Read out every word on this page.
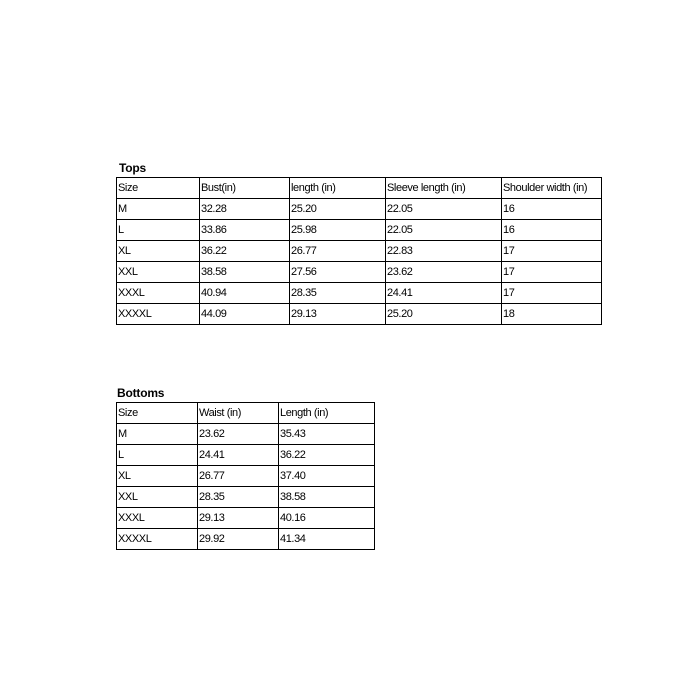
Tops
Size	Bust(in)	length (in)	Sleeve length (in)	Shoulder width (in)
M	32.28	25.20	22.05	16
L	33.86	25.98	22.05	16
XL	36.22	26.77	22.83	17
XXL	38.58	27.56	23.62	17
XXXL	40.94	28.35	24.41	17
XXXXL	44.09	29.13	25.20	18
Bottoms
Size	Waist (in)	Length (in)
M	23.62	35.43
L	24.41	36.22
XL	26.77	37.40
XXL	28.35	38.58
XXXL	29.13	40.16
XXXXL	29.92	41.34
